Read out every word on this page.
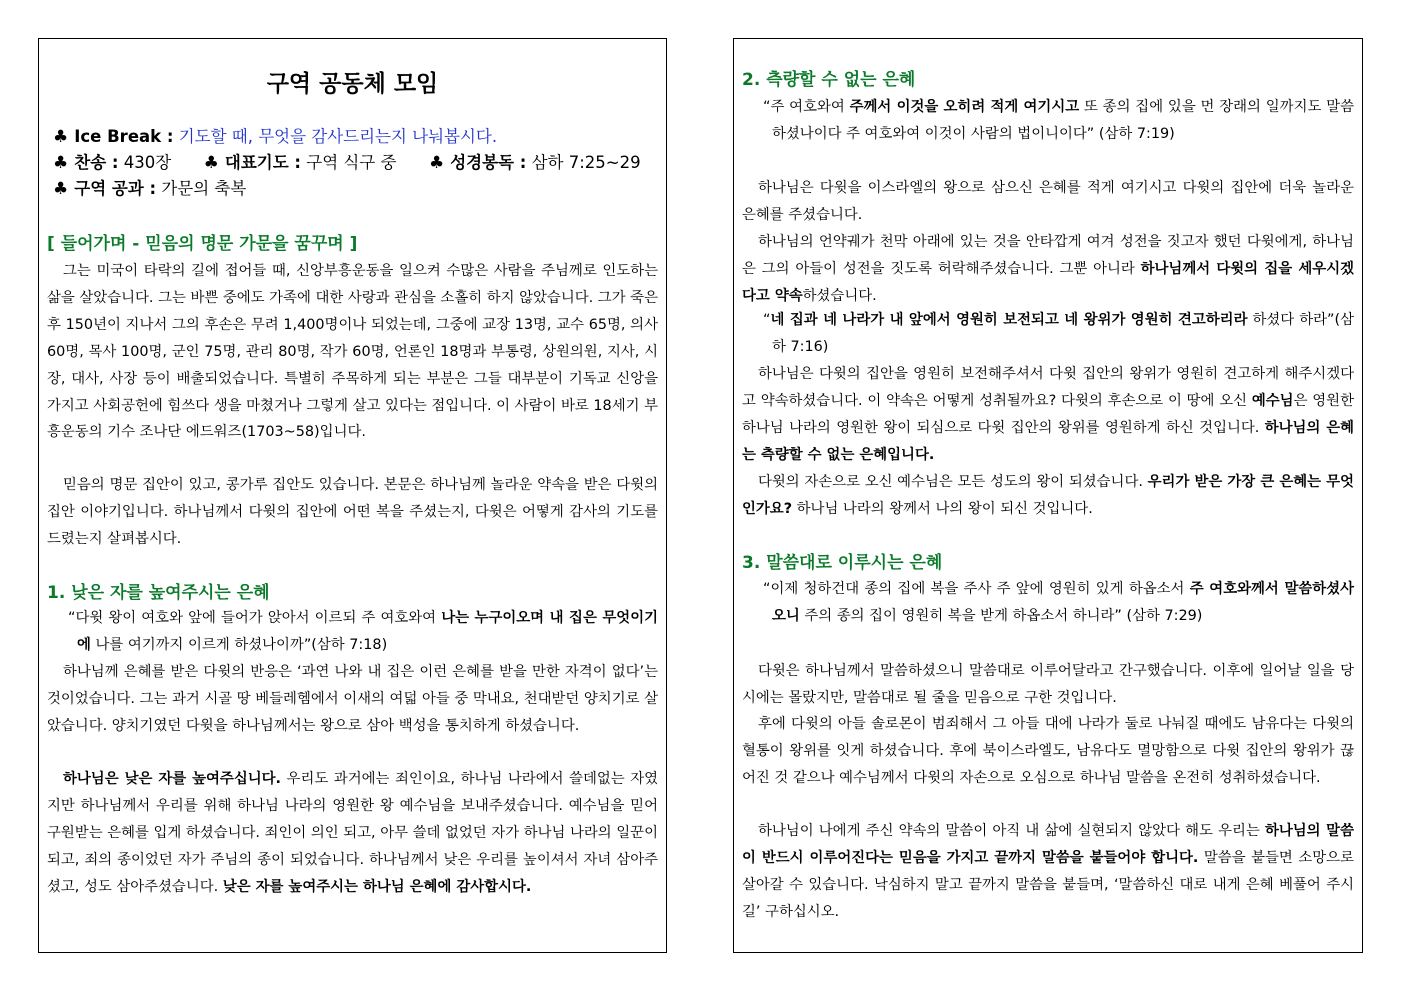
구역 공동체 모임
♣ Ice Break : 기도할 때, 무엇을 감사드리는지 나눠봅시다.
♣ 찬송 : 430장 ♣ 대표기도 : 구역 식구 중 ♣ 성경봉독 : 삼하 7:25~29
♣ 구역 공과 : 가문의 축복
[ 들어가며 - 믿음의 명문 가문을 꿈꾸며 ]
그는 미국이 타락의 길에 접어들 때, 신앙부흥운동을 일으켜 수많은 사람을 주님께로 인도하는 삶을 살았습니다. 그는 바쁜 중에도 가족에 대한 사랑과 관심을 소홀히 하지 않았습니다. 그가 죽은 후 150년이 지나서 그의 후손은 무려 1,400명이나 되었는데, 그중에 교장 13명, 교수 65명, 의사 60명, 목사 100명, 군인 75명, 관리 80명, 작가 60명, 언론인 18명과 부통령, 상원의원, 지사, 시장, 대사, 사장 등이 배출되었습니다. 특별히 주목하게 되는 부분은 그들 대부분이 기독교 신앙을 가지고 사회공헌에 힘쓰다 생을 마쳤거나 그렇게 살고 있다는 점입니다. 이 사람이 바로 18세기 부흥운동의 기수 조나단 에드워즈(1703~58)입니다.
믿음의 명문 집안이 있고, 콩가루 집안도 있습니다. 본문은 하나님께 놀라운 약속을 받은 다윗의 집안 이야기입니다. 하나님께서 다윗의 집안에 어떤 복을 주셨는지, 다윗은 어떻게 감사의 기도를 드렸는지 살펴봅시다.
1. 낮은 자를 높여주시는 은혜
“다윗 왕이 여호와 앞에 들어가 앉아서 이르되 주 여호와여 나는 누구이오며 내 집은 무엇이기에 나를 여기까지 이르게 하셨나이까”(삼하 7:18)
하나님께 은혜를 받은 다윗의 반응은 ‘과연 나와 내 집은 이런 은혜를 받을 만한 자격이 없다’는 것이었습니다. 그는 과거 시골 땅 베들레헴에서 이새의 여덟 아들 중 막내요, 천대받던 양치기로 살았습니다. 양치기였던 다윗을 하나님께서는 왕으로 삼아 백성을 통치하게 하셨습니다.
하나님은 낮은 자를 높여주십니다. 우리도 과거에는 죄인이요, 하나님 나라에서 쓸데없는 자였지만 하나님께서 우리를 위해 하나님 나라의 영원한 왕 예수님을 보내주셨습니다. 예수님을 믿어 구원받는 은혜를 입게 하셨습니다. 죄인이 의인 되고, 아무 쓸데 없었던 자가 하나님 나라의 일꾼이 되고, 죄의 종이었던 자가 주님의 종이 되었습니다. 하나님께서 낮은 우리를 높이셔서 자녀 삼아주셨고, 성도 삼아주셨습니다. 낮은 자를 높여주시는 하나님 은혜에 감사합시다.
2. 측량할 수 없는 은혜
“주 여호와여 주께서 이것을 오히려 적게 여기시고 또 종의 집에 있을 먼 장래의 일까지도 말씀하셨나이다 주 여호와여 이것이 사람의 법이니이다” (삼하 7:19)
하나님은 다윗을 이스라엘의 왕으로 삼으신 은혜를 적게 여기시고 다윗의 집안에 더욱 놀라운 은혜를 주셨습니다.
하나님의 언약궤가 천막 아래에 있는 것을 안타깝게 여겨 성전을 짓고자 했던 다윗에게, 하나님은 그의 아들이 성전을 짓도록 허락해주셨습니다. 그뿐 아니라 하나님께서 다윗의 집을 세우시겠다고 약속하셨습니다.
“네 집과 네 나라가 내 앞에서 영원히 보전되고 네 왕위가 영원히 견고하리라 하셨다 하라”(삼하 7:16)
하나님은 다윗의 집안을 영원히 보전해주셔서 다윗 집안의 왕위가 영원히 견고하게 해주시겠다고 약속하셨습니다. 이 약속은 어떻게 성취될까요? 다윗의 후손으로 이 땅에 오신 예수님은 영원한 하나님 나라의 영원한 왕이 되심으로 다윗 집안의 왕위를 영원하게 하신 것입니다. 하나님의 은혜는 측량할 수 없는 은혜입니다.
다윗의 자손으로 오신 예수님은 모든 성도의 왕이 되셨습니다. 우리가 받은 가장 큰 은혜는 무엇인가요? 하나님 나라의 왕께서 나의 왕이 되신 것입니다.
3. 말씀대로 이루시는 은혜
“이제 청하건대 종의 집에 복을 주사 주 앞에 영원히 있게 하옵소서 주 여호와께서 말씀하셨사오니 주의 종의 집이 영원히 복을 받게 하옵소서 하니라” (삼하 7:29)
다윗은 하나님께서 말씀하셨으니 말씀대로 이루어달라고 간구했습니다. 이후에 일어날 일을 당시에는 몰랐지만, 말씀대로 될 줄을 믿음으로 구한 것입니다.
후에 다윗의 아들 솔로몬이 범죄해서 그 아들 대에 나라가 둘로 나눠질 때에도 남유다는 다윗의 혈통이 왕위를 잇게 하셨습니다. 후에 북이스라엘도, 남유다도 멸망함으로 다윗 집안의 왕위가 끊어진 것 같으나 예수님께서 다윗의 자손으로 오심으로 하나님 말씀을 온전히 성취하셨습니다.
하나님이 나에게 주신 약속의 말씀이 아직 내 삶에 실현되지 않았다 해도 우리는 하나님의 말씀이 반드시 이루어진다는 믿음을 가지고 끝까지 말씀을 붙들어야 합니다. 말씀을 붙들면 소망으로 살아갈 수 있습니다. 낙심하지 말고 끝까지 말씀을 붙들며, ‘말씀하신 대로 내게 은혜 베풀어 주시길’ 구하십시오.
